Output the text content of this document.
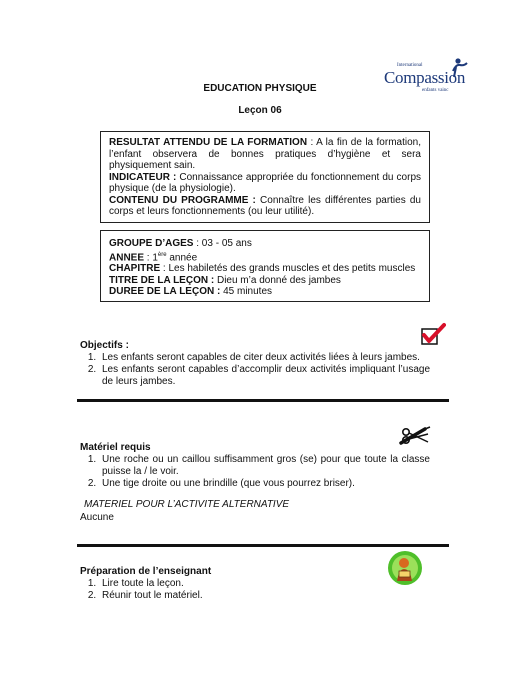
EDUCATION PHYSIQUE
Leçon 06
International
Compassion
enfants vainc

RESULTAT ATTENDU DE LA FORMATION : A la fin de la formation, l’enfant observera de bonnes pratiques d’hygiène et sera physiquement sain.

INDICATEUR : Connaissance appropriée du fonctionnement du corps physique (de la physiologie).

CONTENU DU PROGRAMME : Connaître les différentes parties du corps et leurs fonctionnements (ou leur utilité).

GROUPE D’AGES : 03 - 05 ans

ANNEE : 1ère année

CHAPITRE : Les habiletés des grands muscles et des petits muscles

TITRE DE LA LEÇON : Dieu m’a donné des jambes

DUREE DE LA LEÇON : 45 minutes

Objectifs :
1. Les enfants seront capables de citer deux activités liées à leurs jambes.
2. Les enfants seront capables d’accomplir deux activités impliquant l’usage de leurs jambes.
Matériel requis
1. Une roche ou un caillou suffisamment gros (se) pour que toute la classe puisse la / le voir.
2. Une tige droite ou une brindille (que vous pourrez briser).
MATERIEL POUR L’ACTIVITE ALTERNATIVE
Aucune
Préparation de l’enseignant
1. Lire toute la leçon.
2. Réunir tout le matériel.
